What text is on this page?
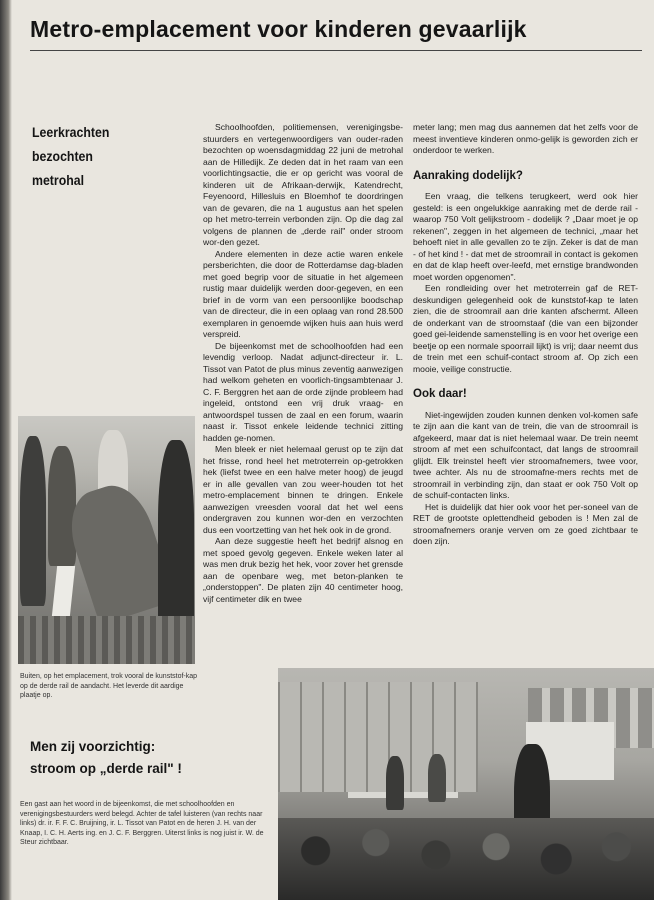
Metro-emplacement voor kinderen gevaarlijk
Leerkrachten
bezochten
metrohal

Schoolhoofden, politiemensen, verenigingsbe-stuurders en vertegenwoordigers van ouder-raden bezochten op woensdagmiddag 22 juni de metrohal aan de Hilledijk. Ze deden dat in het raam van een voorlichtingsactie, die er op gericht was vooral de kinderen uit de Afrikaan-derwijk, Katendrecht, Feyenoord, Hillesluis en Bloemhof te doordringen van de gevaren, die na 1 augustus aan het spelen op het metro-terrein verbonden zijn. Op die dag zal volgens de plannen de „derde rail" onder stroom wor-den gezet.

Andere elementen in deze actie waren enkele persberichten, die door de Rotterdamse dag-bladen met goed begrip voor de situatie in het algemeen rustig maar duidelijk werden door-gegeven, en een brief in de vorm van een persoonlijke boodschap van de directeur, die in een oplaag van rond 28.500 exemplaren in genoemde wijken huis aan huis werd verspreid.

De bijeenkomst met de schoolhoofden had een levendig verloop. Nadat adjunct-directeur ir. L. Tissot van Patot de plus minus zeventig aanwezigen had welkom geheten en voorlich-tingsambtenaar J. C. F. Berggren het aan de orde zijnde probleem had ingeleid, ontstond een vrij druk vraag- en antwoordspel tussen de zaal en een forum, waarin naast ir. Tissot enkele leidende technici zitting hadden ge-nomen.

Men bleek er niet helemaal gerust op te zijn dat het frisse, rond heel het metroterrein op-getrokken hek (liefst twee en een halve meter hoog) de jeugd er in alle gevallen van zou weer-houden tot het metro-emplacement binnen te dringen. Enkele aanwezigen vreesden vooral dat het wel eens ondergraven zou kunnen wor-den en verzochten dus een voortzetting van het hek ook in de grond.

Aan deze suggestie heeft het bedrijf alsnog en met spoed gevolg gegeven. Enkele weken later al was men druk bezig het hek, voor zover het grensde aan de openbare weg, met beton-planken te „onderstoppen". De platen zijn 40 centimeter hoog, vijf centimeter dik en twee

meter lang; men mag dus aannemen dat het zelfs voor de meest inventieve kinderen onmo-gelijk is geworden zich er onderdoor te werken.

Aanraking dodelijk?

Een vraag, die telkens terugkeert, werd ook hier gesteld: is een ongelukkige aanraking met de derde rail - waarop 750 Volt gelijkstroom - dodelijk ? „Daar moet je op rekenen", zeggen in het algemeen de technici, „maar het behoeft niet in alle gevallen zo te zijn. Zeker is dat de man - of het kind ! - dat met de stroomrail in contact is gekomen en dat de klap heeft over-leefd, met ernstige brandwonden moet worden opgenomen".

Een rondleiding over het metroterrein gaf de RET-deskundigen gelegenheid ook de kunststof-kap te laten zien, die de stroomrail aan drie kanten afschermt. Alleen de onderkant van de stroomstaaf (die van een bijzonder goed gei-leidende samenstelling is en voor het overige een beetje op een normale spoorrail lijkt) is vrij; daar neemt dus de trein met een schuif-contact stroom af. Op zich een mooie, veilige constructie.

Ook daar!

Niet-ingewijden zouden kunnen denken vol-komen safe te zijn aan die kant van de trein, die van de stroomrail is afgekeerd, maar dat is niet helemaal waar. De trein neemt stroom af met een schuifcontact, dat langs de stroomrail glijdt. Elk treinstel heeft vier stroomafnemers, twee voor, twee achter. Als nu de stroomafne-mers rechts met de stroomrail in verbinding zijn, dan staat er ook 750 Volt op de schuif-contacten links.

Het is duidelijk dat hier ook voor het per-soneel van de RET de grootste oplettendheid geboden is ! Men zal de stroomafnemers oranje verven om ze goed zichtbaar te doen zijn.

Buiten, op het emplacement, trok vooral de kunststof-kap op de derde rail de aandacht. Het leverde dit aardige plaatje op.
Men zij voorzichtig:
stroom op „derde rail" !
Een gast aan het woord in de bijeenkomst, die met schoolhoofden en verenigingsbestuurders werd belegd. Achter de tafel luisteren (van rechts naar links) dr. ir. F. F. C. Bruijning, ir. L. Tissot van Patot en de heren J. H. van der Knaap, I. C. H. Aerts ing. en J. C. F. Berggren. Uiterst links is nog juist ir. W. de Steur zichtbaar.
